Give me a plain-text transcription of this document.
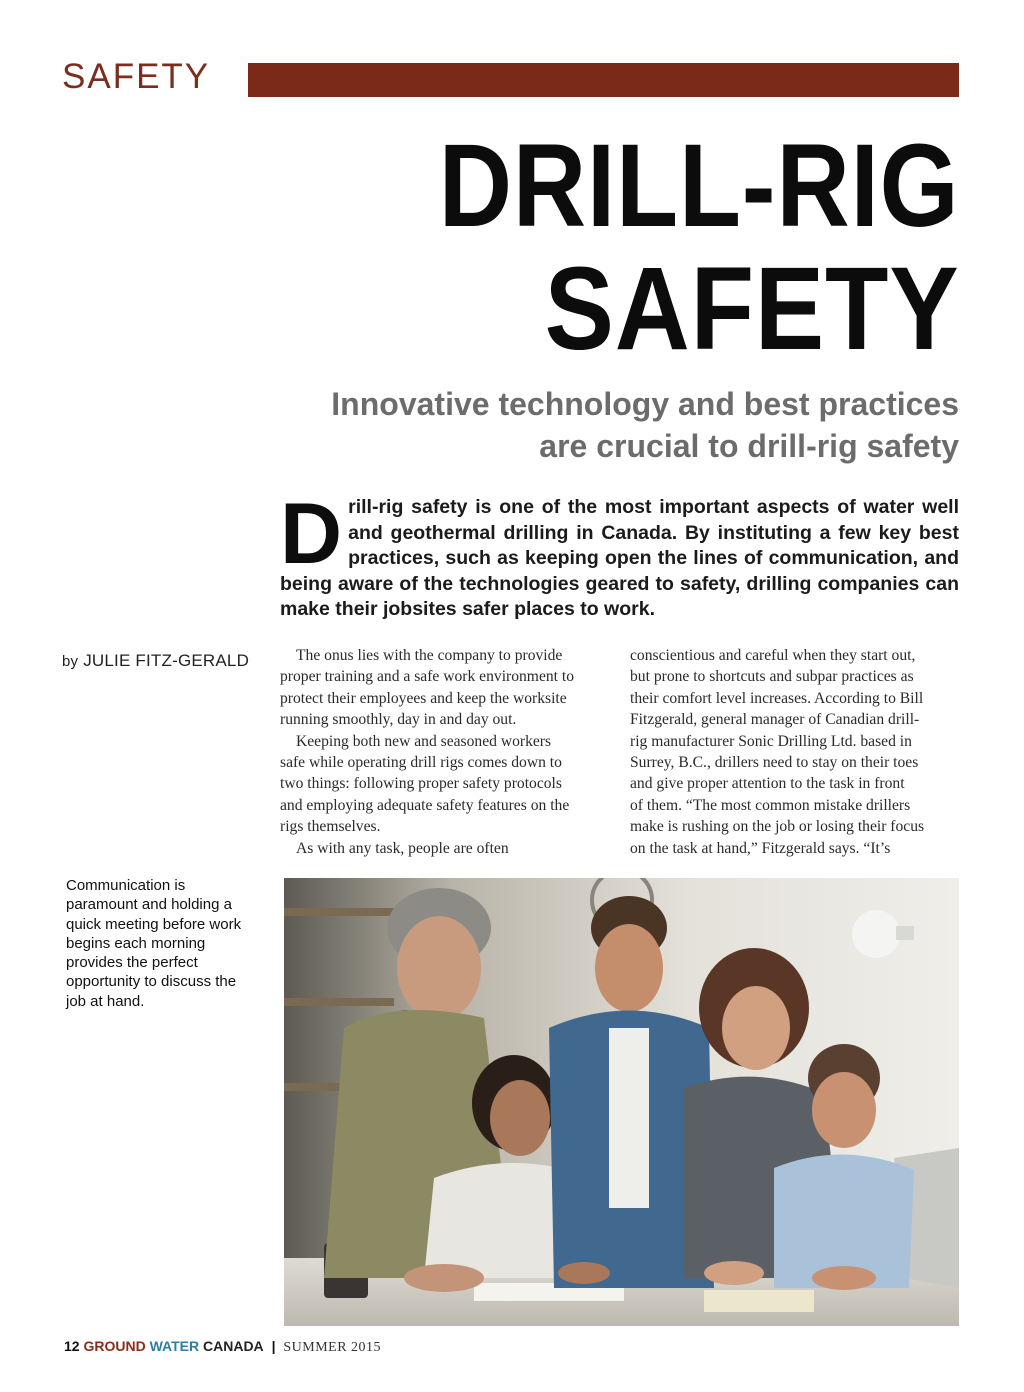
SAFETY
DRILL-RIG
SAFETY
Innovative technology and best practices
are crucial to drill-rig safety
Drill-rig safety is one of the most important aspects of water well and geothermal drilling in Canada. By instituting a few key best practices, such as keeping open the lines of communication, and being aware of the technologies geared to safety, drilling companies can make their jobsites safer places to work.
by JULIE FITZ-GERALD	The onus lies with the company to provide
proper training and a safe work environment to
protect their employees and keep the worksite
running smoothly, day in and day out.
Keeping both new and seasoned workers
safe while operating drill rigs comes down to
two things: following proper safety protocols
and employing adequate safety features on the
rigs themselves.
As with any task, people are often
conscientious and careful when they start out,
but prone to shortcuts and subpar practices as
their comfort level increases. According to Bill
Fitzgerald, general manager of Canadian drill-
rig manufacturer Sonic Drilling Ltd. based in
Surrey, B.C., drillers need to stay on their toes
and give proper attention to the task in front
of them. “The most common mistake drillers
make is rushing on the job or losing their focus
on the task at hand,” Fitzgerald says. “It’s
Communication is paramount and holding a quick meeting before work begins each morning provides the perfect opportunity to discuss the job at hand.
12 GROUND WATER CANADA | SUMMER 2015
